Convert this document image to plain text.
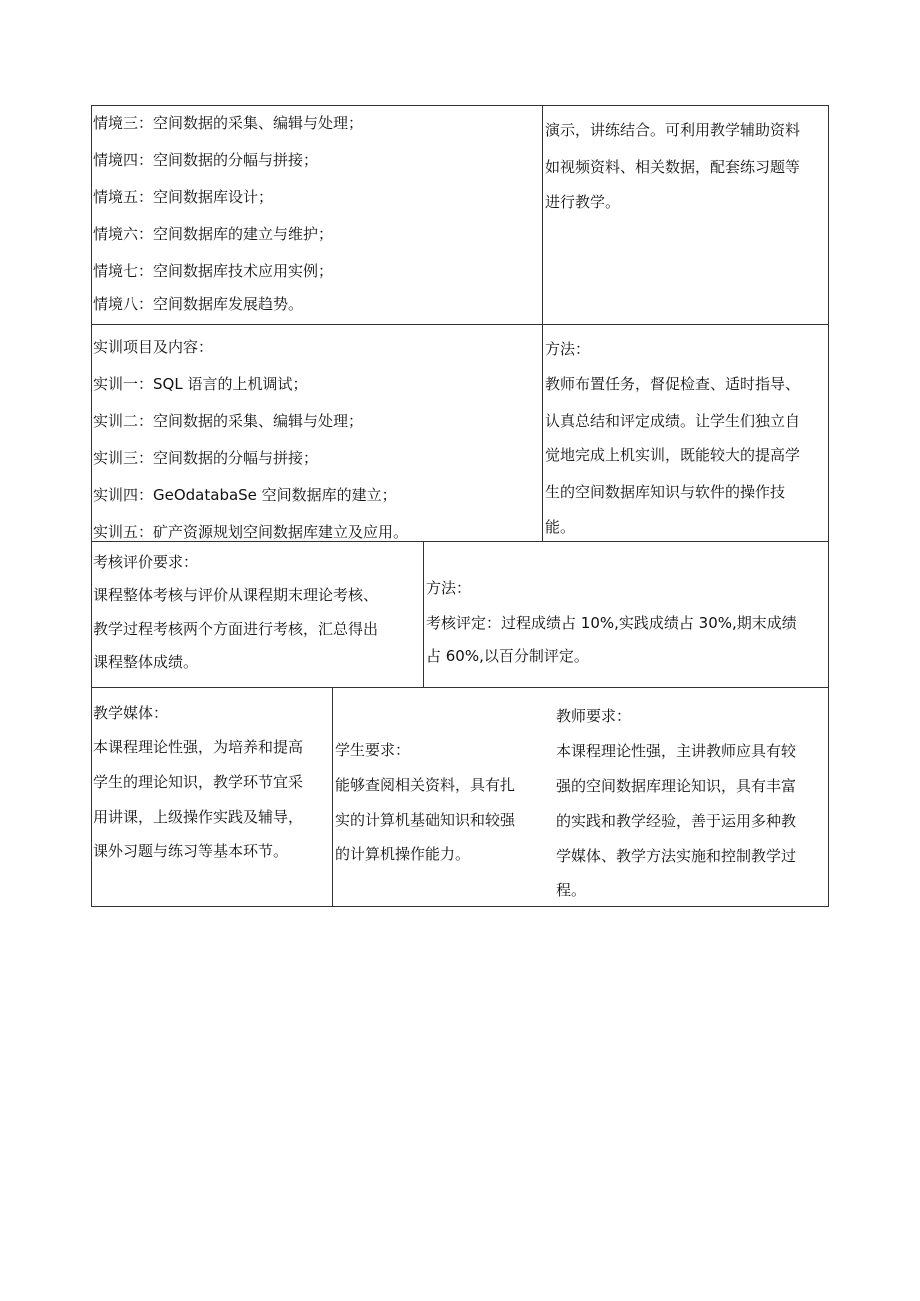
情境三：空间数据的采集、编辑与处理；
情境四：空间数据的分幅与拼接；
情境五：空间数据库设计；
情境六：空间数据库的建立与维护；
情境七：空间数据库技术应用实例；
情境八：空间数据库发展趋势。
演示，讲练结合。可利用教学辅助资料
如视频资料、相关数据，配套练习题等
进行教学。
实训项目及内容：
实训一：SQL 语言的上机调试；
实训二：空间数据的采集、编辑与处理；
实训三：空间数据的分幅与拼接；
实训四：GeOdatabaSe 空间数据库的建立；
实训五：矿产资源规划空间数据库建立及应用。
方法：
教师布置任务，督促检查、适时指导、
认真总结和评定成绩。让学生们独立自
觉地完成上机实训，既能较大的提高学
生的空间数据库知识与软件的操作技
能。
考核评价要求：
课程整体考核与评价从课程期末理论考核、
教学过程考核两个方面进行考核，汇总得出
课程整体成绩。
方法：
考核评定：过程成绩占 10%,实践成绩占 30%,期末成绩
占 60%,以百分制评定。
教学媒体：
本课程理论性强，为培养和提高
学生的理论知识，教学环节宜采
用讲课，上级操作实践及辅导，
课外习题与练习等基本环节。
学生要求：
能够查阅相关资料，具有扎
实的计算机基础知识和较强
的计算机操作能力。
教师要求：
本课程理论性强，主讲教师应具有较
强的空间数据库理论知识，具有丰富
的实践和教学经验，善于运用多种教
学媒体、教学方法实施和控制教学过
程。
